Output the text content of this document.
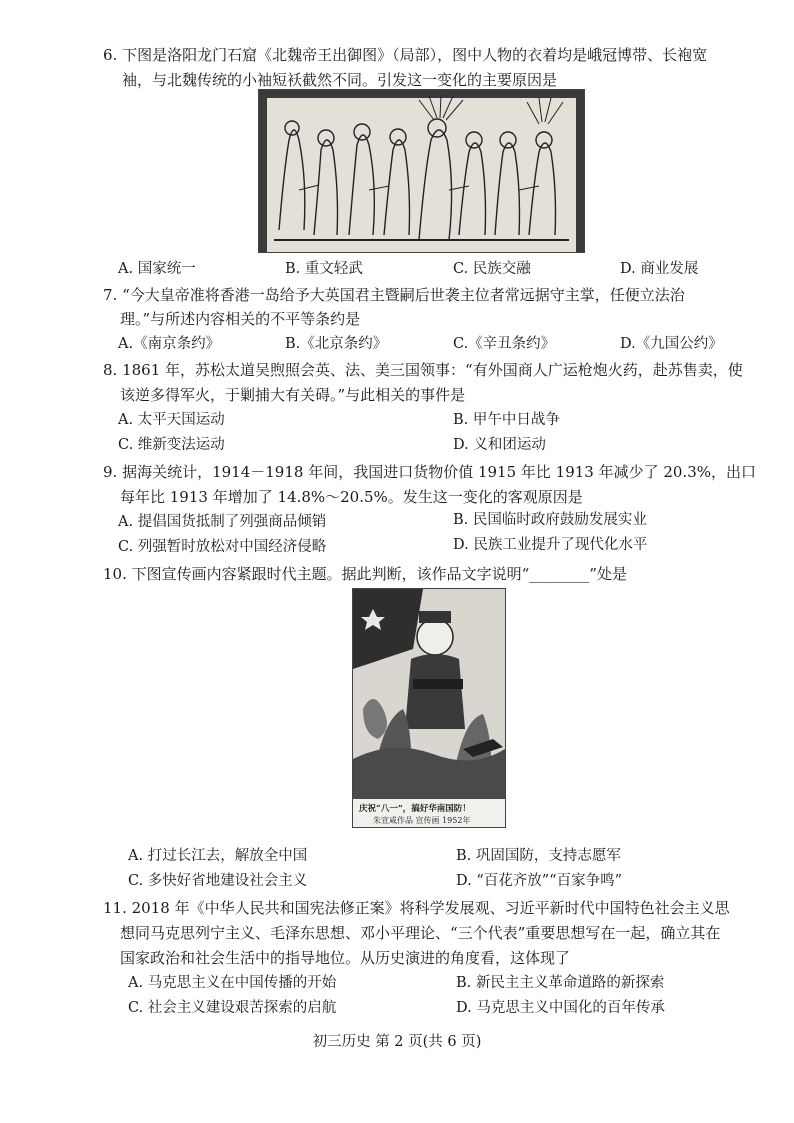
6. 下图是洛阳龙门石窟《北魏帝王出御图》（局部），图中人物的衣着均是峨冠博带、长袍宽
袖，与北魏传统的小袖短袄截然不同。引发这一变化的主要原因是
A. 国家统一	B. 重文轻武	C. 民族交融	D. 商业发展
7. “今大皇帝准将香港一岛给予大英国君主暨嗣后世袭主位者常远据守主掌，任便立法治
理。”与所述内容相关的不平等条约是
A.《南京条约》	B.《北京条约》	C.《辛丑条约》	D.《九国公约》
8. 1861 年，苏松太道吴煦照会英、法、美三国领事：“有外国商人广运枪炮火药，赴苏售卖，使
该逆多得军火，于剿捕大有关碍。”与此相关的事件是
A. 太平天国运动	B. 甲午中日战争
C. 维新变法运动	D. 义和团运动
9. 据海关统计，1914－1918 年间，我国进口货物价值 1915 年比 1913 年减少了 20.3%，出口
每年比 1913 年增加了 14.8%～20.5%。发生这一变化的客观原因是
A. 提倡国货抵制了列强商品倾销	B. 民国临时政府鼓励发展实业
C. 列强暂时放松对中国经济侵略	D. 民族工业提升了现代化水平
10. 下图宣传画内容紧跟时代主题。据此判断，该作品文字说明“________”处是
庆祝“八一”，搞好华南国防！
朱宣咸作品 宣传画 1952年
A. 打过长江去，解放全中国	B. 巩固国防，支持志愿军
C. 多快好省地建设社会主义	D. “百花齐放”“百家争鸣”
11. 2018 年《中华人民共和国宪法修正案》将科学发展观、习近平新时代中国特色社会主义思
想同马克思列宁主义、毛泽东思想、邓小平理论、“三个代表”重要思想写在一起，确立其在
国家政治和社会生活中的指导地位。从历史演进的角度看，这体现了
A. 马克思主义在中国传播的开始	B. 新民主主义革命道路的新探索
C. 社会主义建设艰苦探索的启航	D. 马克思主义中国化的百年传承
初三历史 第 2 页(共 6 页)
